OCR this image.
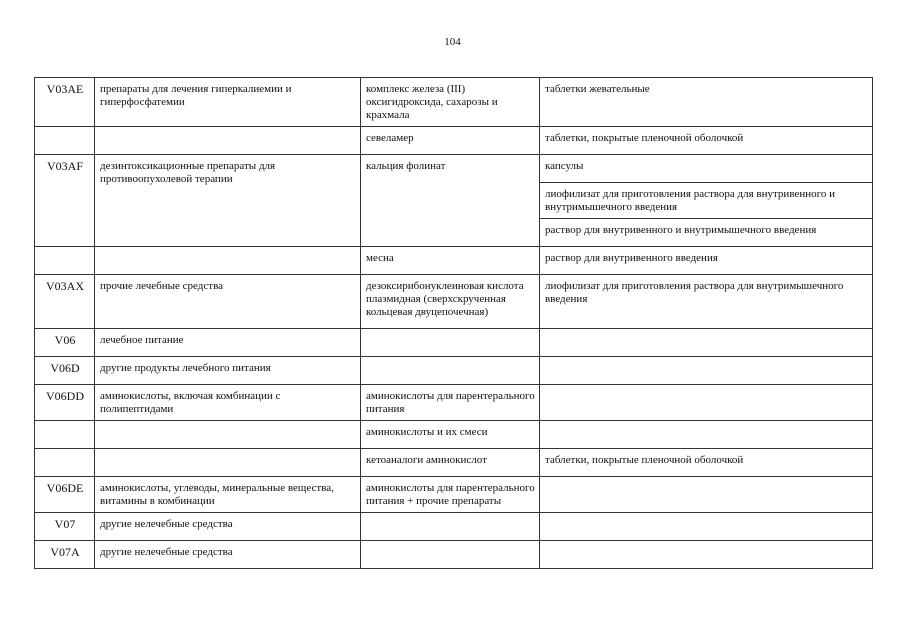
104
V03AE	препараты для лечения гиперкалиемии и гиперфосфатемии	комплекс железа (III) оксигидроксида, сахарозы и крахмала	таблетки жевательные
		севеламер	таблетки, покрытые пленочной оболочкой
V03AF	дезинтоксикационные препараты для противоопухолевой терапии	кальция фолинат	капсулы
			лиофилизат для приготовления раствора для внутривенного и внутримышечного введения
			раствор для внутривенного и внутримышечного введения
		месна	раствор для внутривенного введения
V03AX	прочие лечебные средства	дезоксирибонуклеиновая кислота плазмидная (сверхскрученная кольцевая двуцепочечная)	лиофилизат для приготовления раствора для внутримышечного введения
V06	лечебное питание		
V06D	другие продукты лечебного питания		
V06DD	аминокислоты, включая комбинации с полипептидами	аминокислоты для парентерального питания	
		аминокислоты и их смеси	
		кетоаналоги аминокислот	таблетки, покрытые пленочной оболочкой
V06DE	аминокислоты, углеводы, минеральные вещества, витамины в комбинации	аминокислоты для парентерального питания + прочие препараты	
V07	другие нелечебные средства		
V07A	другие нелечебные средства		
